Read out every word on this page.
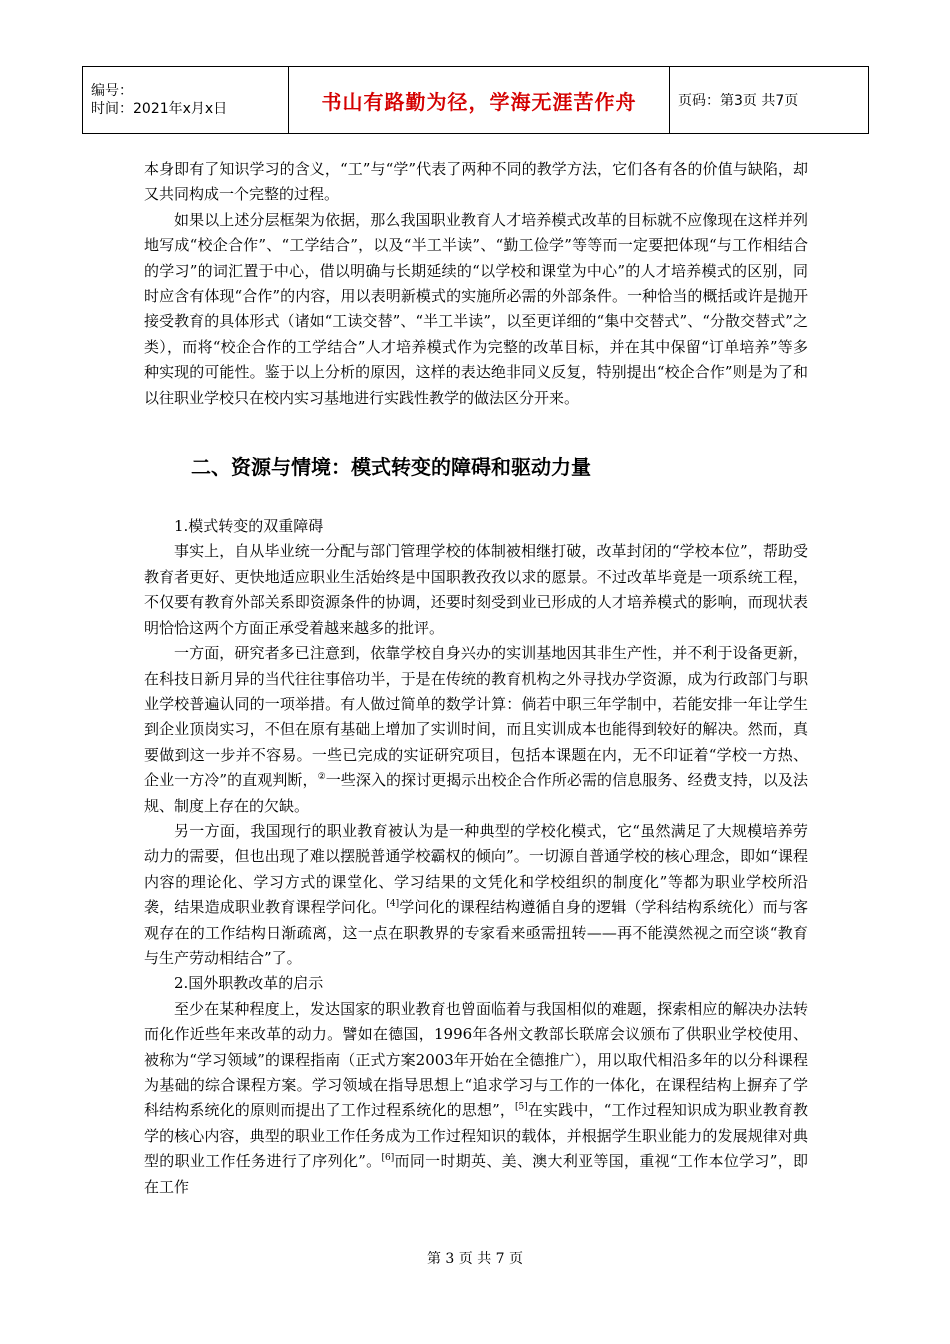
编号：
时间：2021年x月x日	书山有路勤为径，学海无涯苦作舟	页码：第3页 共7页

本身即有了知识学习的含义，“工”与“学”代表了两种不同的教学方法，它们各有各的价值与缺陷，却又共同构成一个完整的过程。

如果以上述分层框架为依据，那么我国职业教育人才培养模式改革的目标就不应像现在这样并列地写成“校企合作”、“工学结合”，以及“半工半读”、“勤工俭学”等等而一定要把体现“与工作相结合的学习”的词汇置于中心，借以明确与长期延续的“以学校和课堂为中心”的人才培养模式的区别，同时应含有体现“合作”的内容，用以表明新模式的实施所必需的外部条件。一种恰当的概括或许是抛开接受教育的具体形式（诸如“工读交替”、“半工半读”，以至更详细的“集中交替式”、“分散交替式”之类），而将“校企合作的工学结合”人才培养模式作为完整的改革目标，并在其中保留“订单培养”等多种实现的可能性。鉴于以上分析的原因，这样的表达绝非同义反复，特别提出“校企合作”则是为了和以往职业学校只在校内实习基地进行实践性教学的做法区分开来。

二、资源与情境：模式转变的障碍和驱动力量

1.模式转变的双重障碍

事实上，自从毕业统一分配与部门管理学校的体制被相继打破，改革封闭的“学校本位”，帮助受教育者更好、更快地适应职业生活始终是中国职教孜孜以求的愿景。不过改革毕竟是一项系统工程，不仅要有教育外部关系即资源条件的协调，还要时刻受到业已形成的人才培养模式的影响，而现状表明恰恰这两个方面正承受着越来越多的批评。

一方面，研究者多已注意到，依靠学校自身兴办的实训基地因其非生产性，并不利于设备更新，在科技日新月异的当代往往事倍功半，于是在传统的教育机构之外寻找办学资源，成为行政部门与职业学校普遍认同的一项举措。有人做过简单的数学计算：倘若中职三年学制中，若能安排一年让学生到企业顶岗实习，不但在原有基础上增加了实训时间，而且实训成本也能得到较好的解决。然而，真要做到这一步并不容易。一些已完成的实证研究项目，包括本课题在内，无不印证着“学校一方热、企业一方冷”的直观判断，②一些深入的探讨更揭示出校企合作所必需的信息服务、经费支持，以及法规、制度上存在的欠缺。

另一方面，我国现行的职业教育被认为是一种典型的学校化模式，它“虽然满足了大规模培养劳动力的需要，但也出现了难以摆脱普通学校霸权的倾向”。一切源自普通学校的核心理念，即如“课程内容的理论化、学习方式的课堂化、学习结果的文凭化和学校组织的制度化”等都为职业学校所沿袭，结果造成职业教育课程学问化。[4]学问化的课程结构遵循自身的逻辑（学科结构系统化）而与客观存在的工作结构日渐疏离，这一点在职教界的专家看来亟需扭转——再不能漠然视之而空谈“教育与生产劳动相结合”了。

2.国外职教改革的启示

至少在某种程度上，发达国家的职业教育也曾面临着与我国相似的难题，探索相应的解决办法转而化作近些年来改革的动力。譬如在德国，1996年各州文教部长联席会议颁布了供职业学校使用、被称为“学习领域”的课程指南（正式方案2003年开始在全德推广），用以取代相沿多年的以分科课程为基础的综合课程方案。学习领域在指导思想上“追求学习与工作的一体化，在课程结构上摒弃了学科结构系统化的原则而提出了工作过程系统化的思想”，[5]在实践中，“工作过程知识成为职业教育教学的核心内容，典型的职业工作任务成为工作过程知识的载体，并根据学生职业能力的发展规律对典型的职业工作任务进行了序列化”。[6]而同一时期英、美、澳大利亚等国，重视“工作本位学习”，即在工作

第 3 页 共 7 页
